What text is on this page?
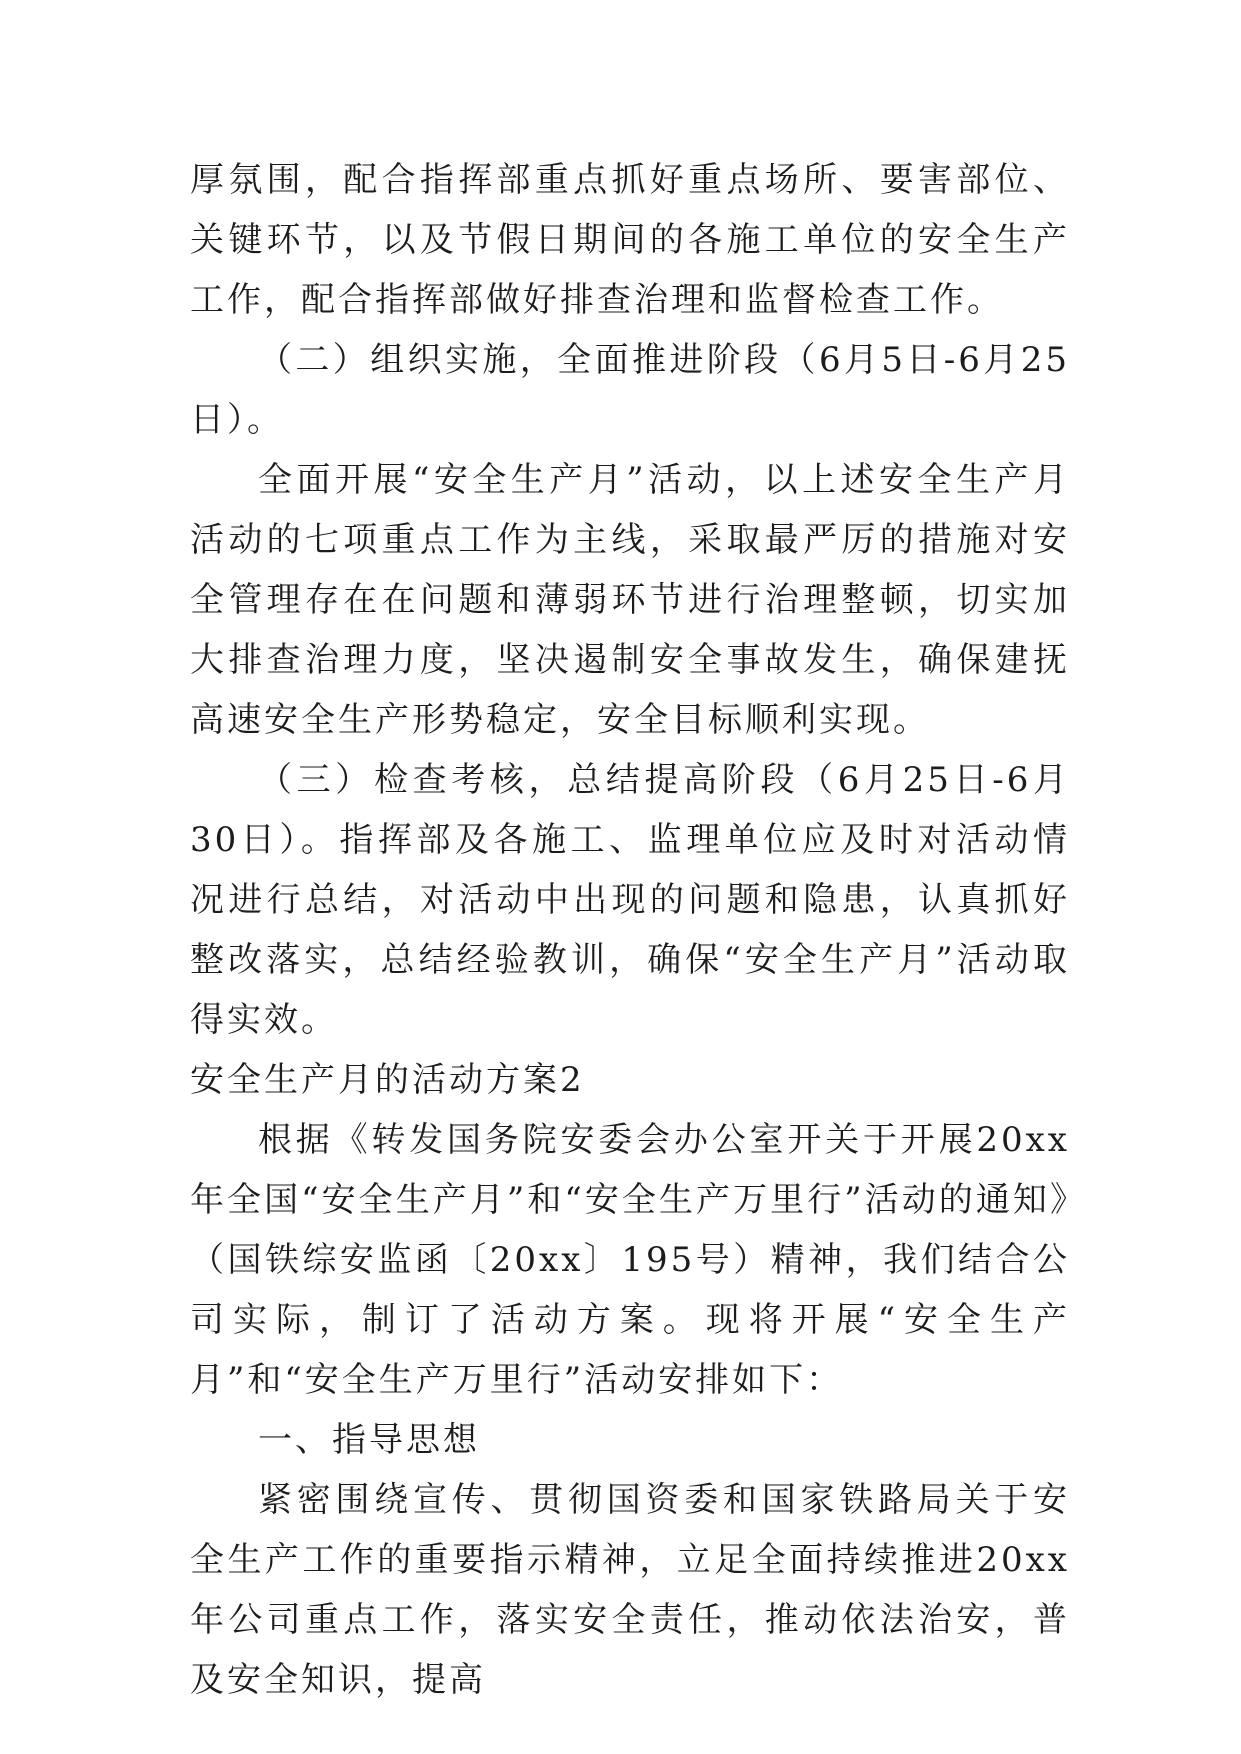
厚氛围，配合指挥部重点抓好重点场所、要害部位、关键环节，以及节假日期间的各施工单位的安全生产工作，配合指挥部做好排查治理和监督检查工作。

（二）组织实施，全面推进阶段（6月5日-6月25日）。

全面开展“安全生产月”活动，以上述安全生产月活动的七项重点工作为主线，采取最严厉的措施对安全管理存在在问题和薄弱环节进行治理整顿，切实加大排查治理力度，坚决遏制安全事故发生，确保建抚高速安全生产形势稳定，安全目标顺利实现。

（三）检查考核，总结提高阶段（6月25日-6月30日）。指挥部及各施工、监理单位应及时对活动情况进行总结，对活动中出现的问题和隐患，认真抓好整改落实，总结经验教训，确保“安全生产月”活动取得实效。

安全生产月的活动方案2

根据《转发国务院安委会办公室开关于开展20xx年全国“安全生产月”和“安全生产万里行”活动的通知》（国铁综安监函〔20xx〕195号）精神，我们结合公司实际，制订了活动方案。现将开展“安全生产月”和“安全生产万里行”活动安排如下：

一、指导思想

紧密围绕宣传、贯彻国资委和国家铁路局关于安全生产工作的重要指示精神，立足全面持续推进20xx年公司重点工作，落实安全责任，推动依法治安，普及安全知识，提高
